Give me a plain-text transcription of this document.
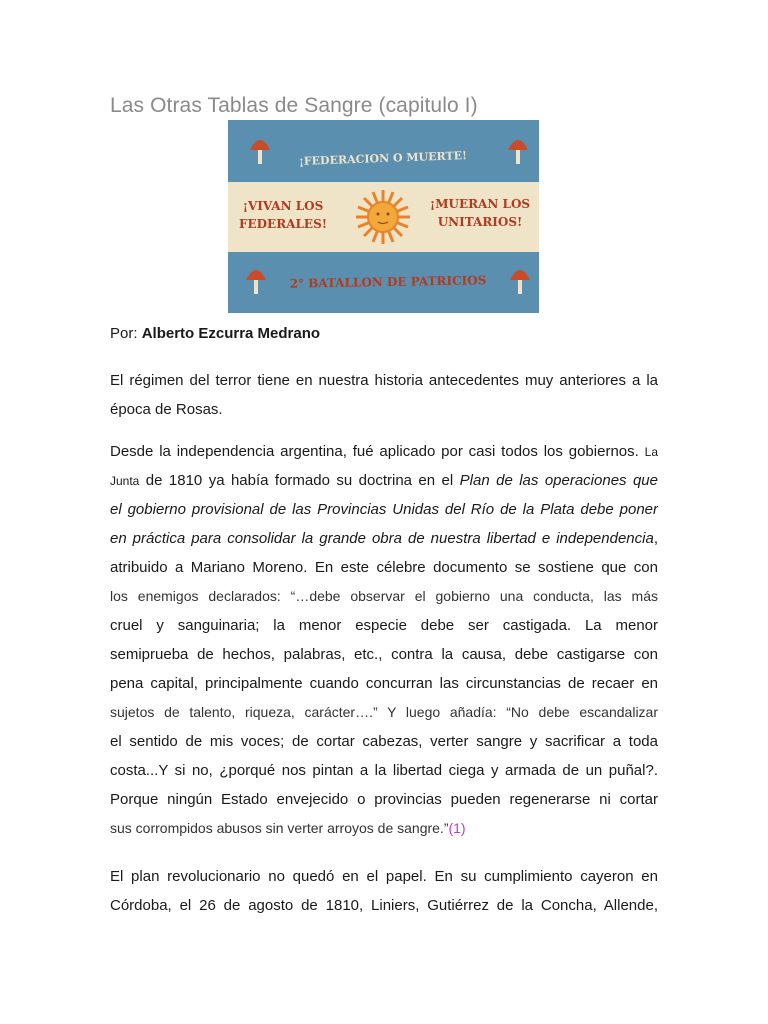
Las Otras Tablas de Sangre (capitulo I)
¡FEDERACION O MUERTE!
¡VIVAN LOS
FEDERALES!
¡MUERAN LOS
UNITARIOS!
2° BATALLON DE PATRICIOS

Por: Alberto Ezcurra Medrano

El régimen del terror tiene en nuestra historia antecedentes muy anteriores a la
época de Rosas.
Desde la independencia argentina, fué aplicado por casi todos los gobiernos. La
Junta de 1810 ya había formado su doctrina en el Plan de las operaciones que
el gobierno provisional de las Provincias Unidas del Río de la Plata debe poner
en práctica para consolidar la grande obra de nuestra libertad e independencia,
atribuido a Mariano Moreno. En este célebre documento se sostiene que con
los enemigos declarados: “…debe observar el gobierno una conducta, las más
cruel y sanguinaria; la menor especie debe ser castigada. La menor
semiprueba de hechos, palabras, etc., contra la causa, debe castigarse con
pena capital, principalmente cuando concurran las circunstancias de recaer en
sujetos de talento, riqueza, carácter….” Y luego añadía: “No debe escandalizar
el sentido de mis voces; de cortar cabezas, verter sangre y sacrificar a toda
costa...Y si no, ¿porqué nos pintan a la libertad ciega y armada de un puñal?.
Porque ningún Estado envejecido o provincias pueden regenerarse ni cortar
sus corrompidos abusos sin verter arroyos de sangre.”(1)
El plan revolucionario no quedó en el papel. En su cumplimiento cayeron en
Córdoba, el 26 de agosto de 1810, Liniers, Gutiérrez de la Concha, Allende,
